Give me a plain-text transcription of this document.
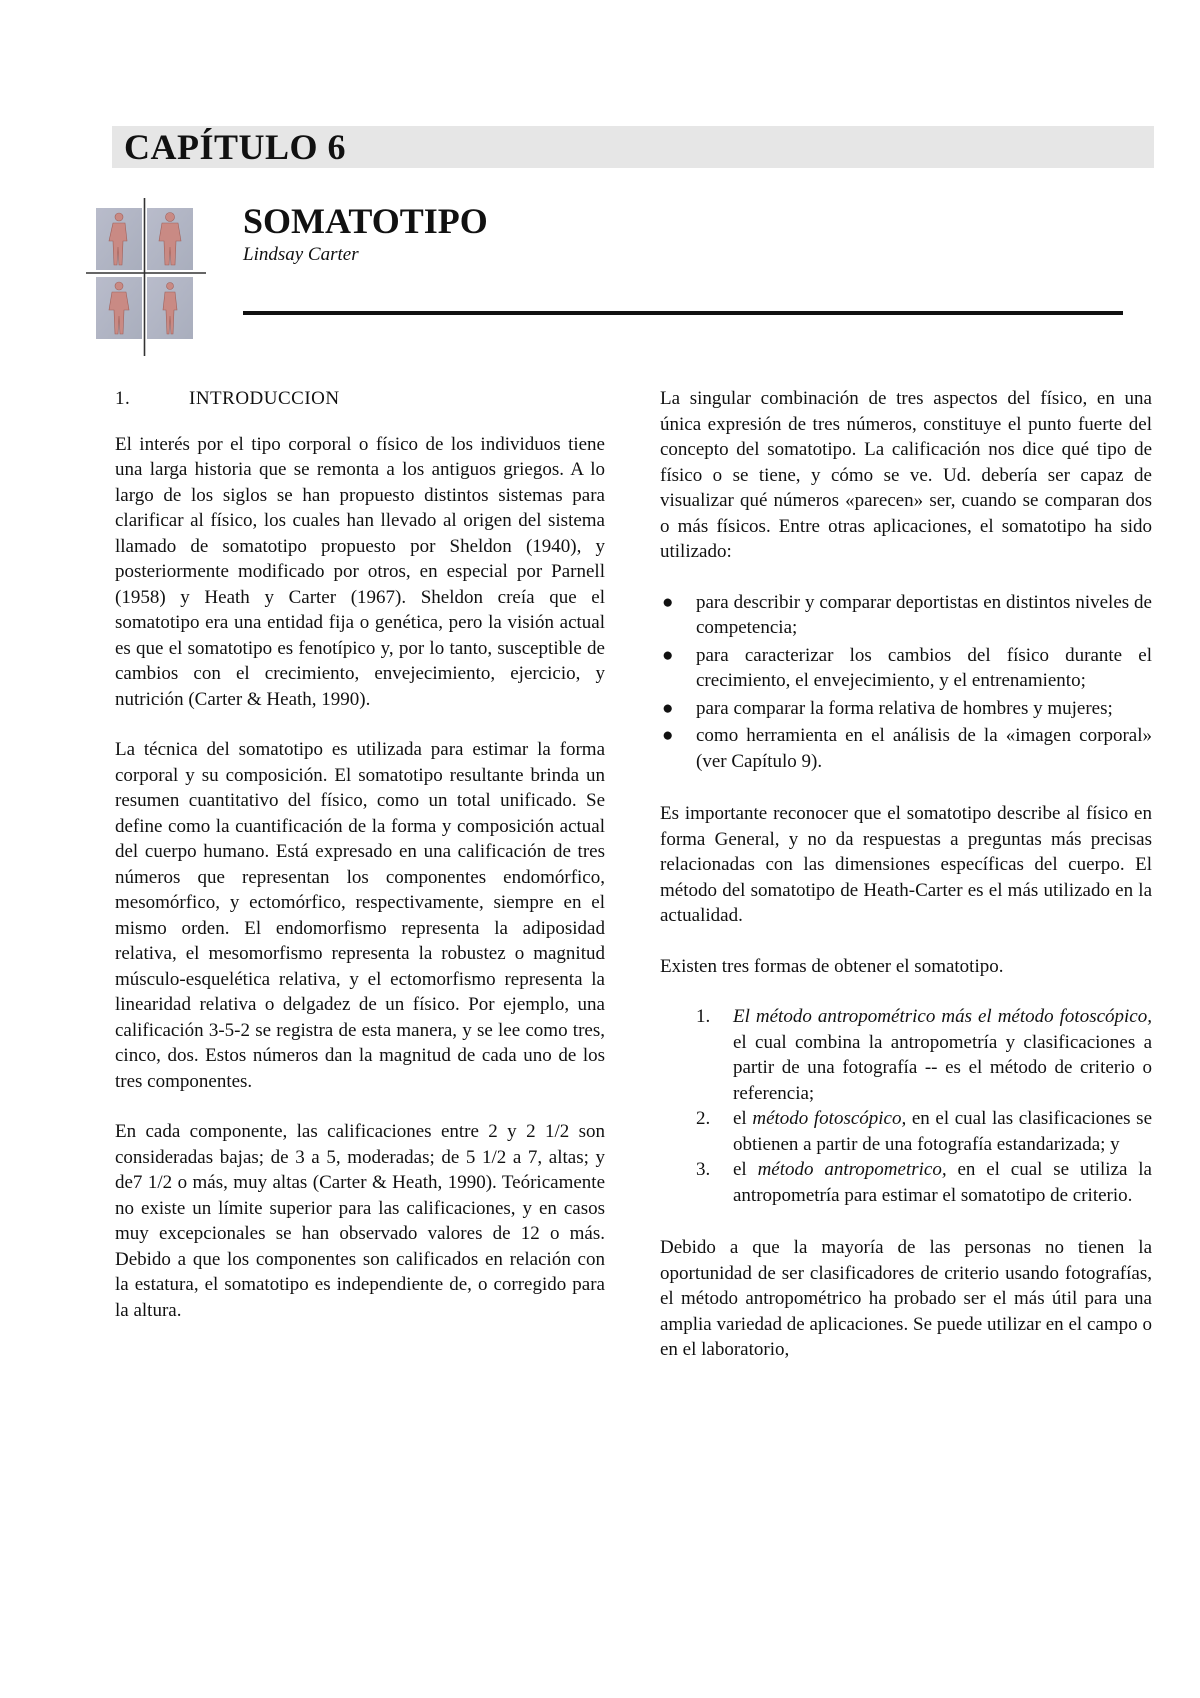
CAPÍTULO 6
SOMATOTIPO
Lindsay Carter
1.	INTRODUCCION

El interés por el tipo corporal o físico de los individuos tiene una larga historia que se remonta a los antiguos griegos. A lo largo de los siglos se han propuesto distintos sistemas para clarificar al físico, los cuales han llevado al origen del sistema llamado de somatotipo propuesto por Sheldon (1940), y posteriormente modificado por otros, en especial por Parnell (1958) y Heath y Carter (1967). Sheldon creía que el somatotipo era una entidad fija o genética, pero la visión actual es que el somatotipo es fenotípico y, por lo tanto, susceptible de cambios con el crecimiento, envejecimiento, ejercicio, y nutrición (Carter & Heath, 1990).

La técnica del somatotipo es utilizada para estimar la forma corporal y su composición. El somatotipo resultante brinda un resumen cuantitativo del físico, como un total unificado. Se define como la cuantificación de la forma y composición actual del cuerpo humano. Está expresado en una calificación de tres números que representan los componentes endomórfico, mesomórfico, y ectomórfico, respectivamente, siempre en el mismo orden. El endomorfismo representa la adiposidad relativa, el mesomorfismo representa la robustez o magnitud músculo-esquelética relativa, y el ectomorfismo representa la linearidad relativa o delgadez de un físico. Por ejemplo, una calificación 3-5-2 se registra de esta manera, y se lee como tres, cinco, dos. Estos números dan la magnitud de cada uno de los tres componentes.

En cada componente, las calificaciones entre 2 y 2 1/2 son consideradas bajas; de 3 a 5, moderadas; de 5 1/2 a 7, altas; y de7 1/2 o más, muy altas (Carter & Heath, 1990). Teóricamente no existe un límite superior para las calificaciones, y en casos muy excepcionales se han observado valores de 12 o más. Debido a que los componentes son calificados en relación con la estatura, el somatotipo es independiente de, o corregido para la altura.

La singular combinación de tres aspectos del físico, en una única expresión de tres números, constituye el punto fuerte del concepto del somatotipo. La calificación nos dice qué tipo de físico o se tiene, y cómo se ve. Ud. debería ser capaz de visualizar qué números «parecen» ser, cuando se comparan dos o más físicos. Entre otras aplicaciones, el somatotipo ha sido utilizado:

● para describir y comparar deportistas en distintos niveles de competencia;
● para caracterizar los cambios del físico durante el crecimiento, el envejecimiento, y el entrenamiento;
● para comparar la forma relativa de hombres y mujeres;
● como herramienta en el análisis de la «imagen corporal» (ver Capítulo 9).

Es importante reconocer que el somatotipo describe al físico en forma General, y no da respuestas a preguntas más precisas relacionadas con las dimensiones específicas del cuerpo. El método del somatotipo de Heath-Carter es el más utilizado en la actualidad.

Existen tres formas de obtener el somatotipo.

1.	El método antropométrico más el método fotoscópico, el cual combina la antropometría y clasificaciones a partir de una fotografía -- es el método de criterio o referencia;
2.	el método fotoscópico, en el cual las clasificaciones se obtienen a partir de una fotografía estandarizada; y
3.	el método antropometrico, en el cual se utiliza la antropometría para estimar el somatotipo de criterio.

Debido a que la mayoría de las personas no tienen la oportunidad de ser clasificadores de criterio usando fotografías, el método antropométrico ha probado ser el más útil para una amplia variedad de aplicaciones. Se puede utilizar en el campo o en el laboratorio,
